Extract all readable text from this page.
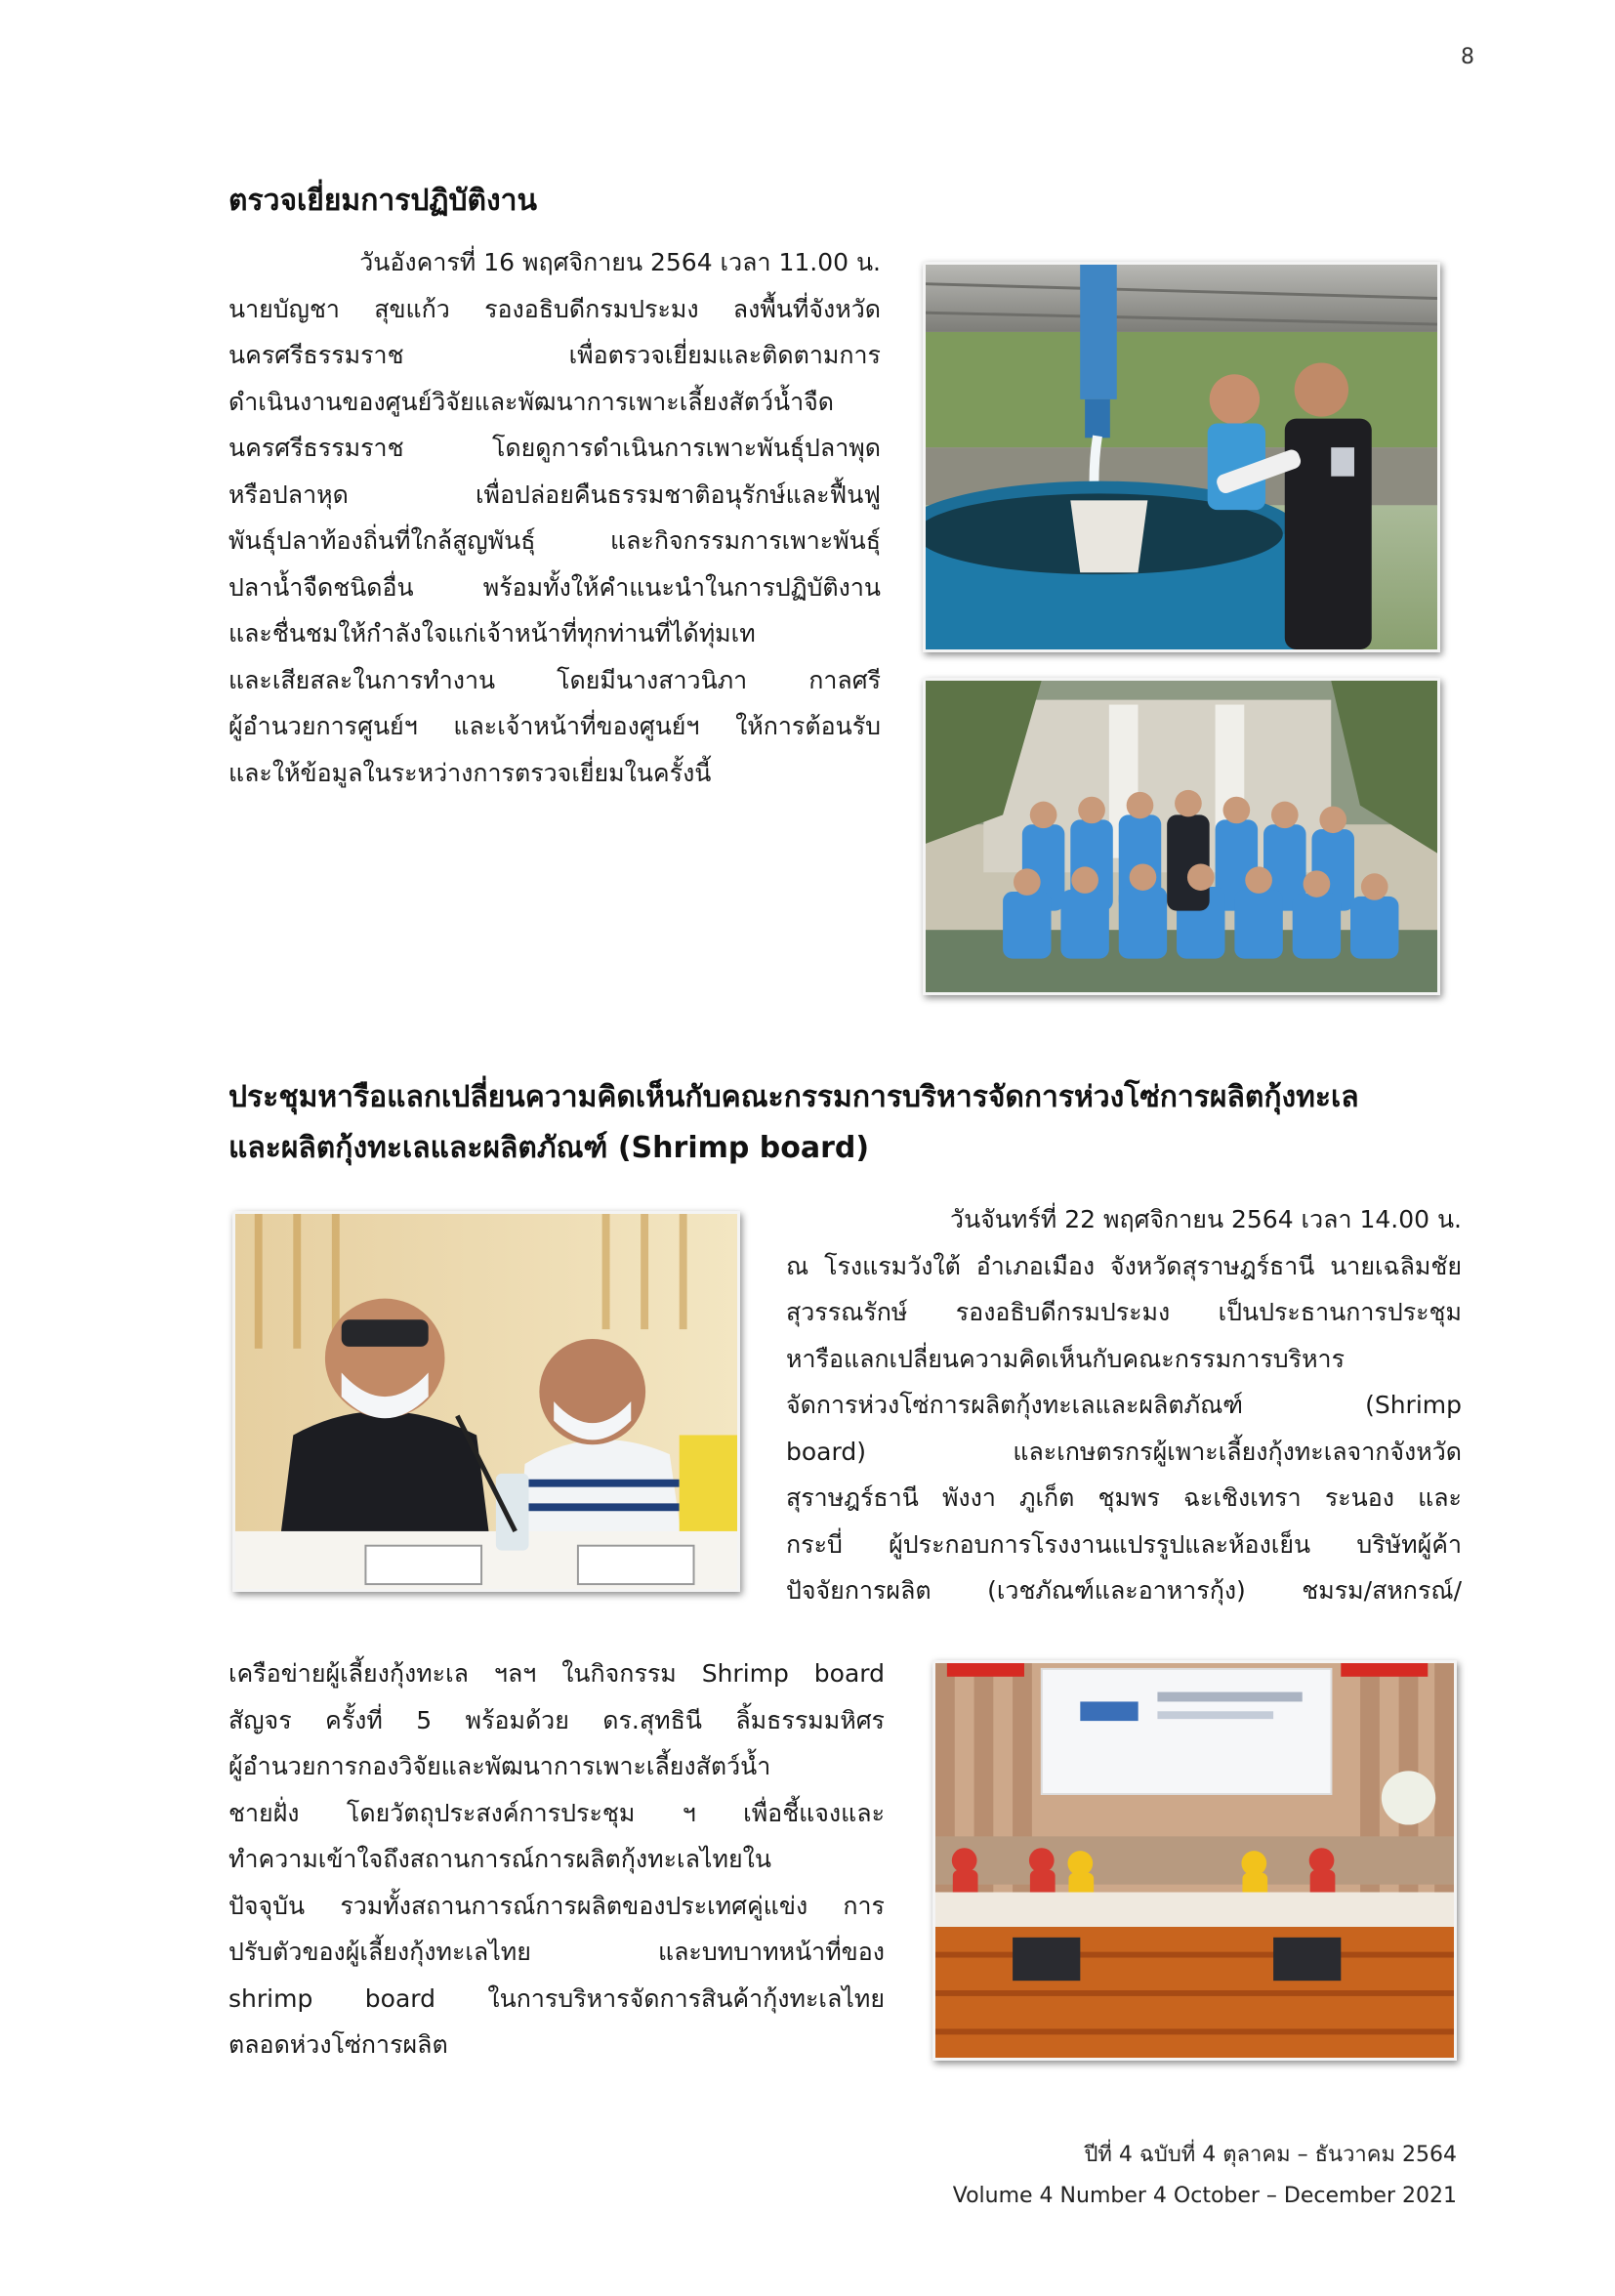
8
ตรวจเยี่ยมการปฏิบัติงาน
วันอังคารที่ 16 พฤศจิกายน 2564 เวลา 11.00 น.
นายบัญชา สุขแก้ว รองอธิบดีกรมประมง ลงพื้นที่จังหวัด
นครศรีธรรมราช เพื่อตรวจเยี่ยมและติดตามการ
ดำเนินงานของศูนย์วิจัยและพัฒนาการเพาะเลี้ยงสัตว์น้ำจืด
นครศรีธรรมราช โดยดูการดำเนินการเพาะพันธุ์ปลาพุด
หรือปลาหุด เพื่อปล่อยคืนธรรมชาติอนุรักษ์และฟื้นฟู
พันธุ์ปลาท้องถิ่นที่ใกล้สูญพันธุ์ และกิจกรรมการเพาะพันธุ์
ปลาน้ำจืดชนิดอื่น พร้อมทั้งให้คำแนะนำในการปฏิบัติงาน
และชื่นชมให้กำลังใจแก่เจ้าหน้าที่ทุกท่านที่ได้ทุ่มเท
และเสียสละในการทำงาน โดยมีนางสาวนิภา กาลศรี
ผู้อำนวยการศูนย์ฯ และเจ้าหน้าที่ของศูนย์ฯ ให้การต้อนรับ
และให้ข้อมูลในระหว่างการตรวจเยี่ยมในครั้งนี้
ประชุมหารือแลกเปลี่ยนความคิดเห็นกับคณะกรรมการบริหารจัดการห่วงโซ่การผลิตกุ้งทะเล
และผลิตกุ้งทะเลและผลิตภัณฑ์ (Shrimp board)
วันจันทร์ที่ 22 พฤศจิกายน 2564 เวลา 14.00 น.
ณ โรงแรมวังใต้ อำเภอเมือง จังหวัดสุราษฎร์ธานี นายเฉลิมชัย
สุวรรณรักษ์ รองอธิบดีกรมประมง เป็นประธานการประชุม
หารือแลกเปลี่ยนความคิดเห็นกับคณะกรรมการบริหาร
จัดการห่วงโซ่การผลิตกุ้งทะเลและผลิตภัณฑ์ (Shrimp
board) และเกษตรกรผู้เพาะเลี้ยงกุ้งทะเลจากจังหวัด
สุราษฎร์ธานี พังงา ภูเก็ต ชุมพร ฉะเชิงเทรา ระนอง และ
กระบี่ ผู้ประกอบการโรงงานแปรรูปและห้องเย็น บริษัทผู้ค้า
ปัจจัยการผลิต (เวชภัณฑ์และอาหารกุ้ง) ชมรม/สหกรณ์/
เครือข่ายผู้เลี้ยงกุ้งทะเล ฯลฯ ในกิจกรรม Shrimp board
สัญจร ครั้งที่ 5 พร้อมด้วย ดร.สุทธินี ลิ้มธรรมมหิศร
ผู้อำนวยการกองวิจัยและพัฒนาการเพาะเลี้ยงสัตว์น้ำ
ชายฝั่ง โดยวัตถุประสงค์การประชุม ฯ เพื่อชี้แจงและ
ทำความเข้าใจถึงสถานการณ์การผลิตกุ้งทะเลไทยใน
ปัจจุบัน รวมทั้งสถานการณ์การผลิตของประเทศคู่แข่ง การ
ปรับตัวของผู้เลี้ยงกุ้งทะเลไทย และบทบาทหน้าที่ของ
shrimp board ในการบริหารจัดการสินค้ากุ้งทะเลไทย
ตลอดห่วงโซ่การผลิต
ปีที่ 4 ฉบับที่ 4 ตุลาคม – ธันวาคม 2564
Volume 4 Number 4 October – December 2021
